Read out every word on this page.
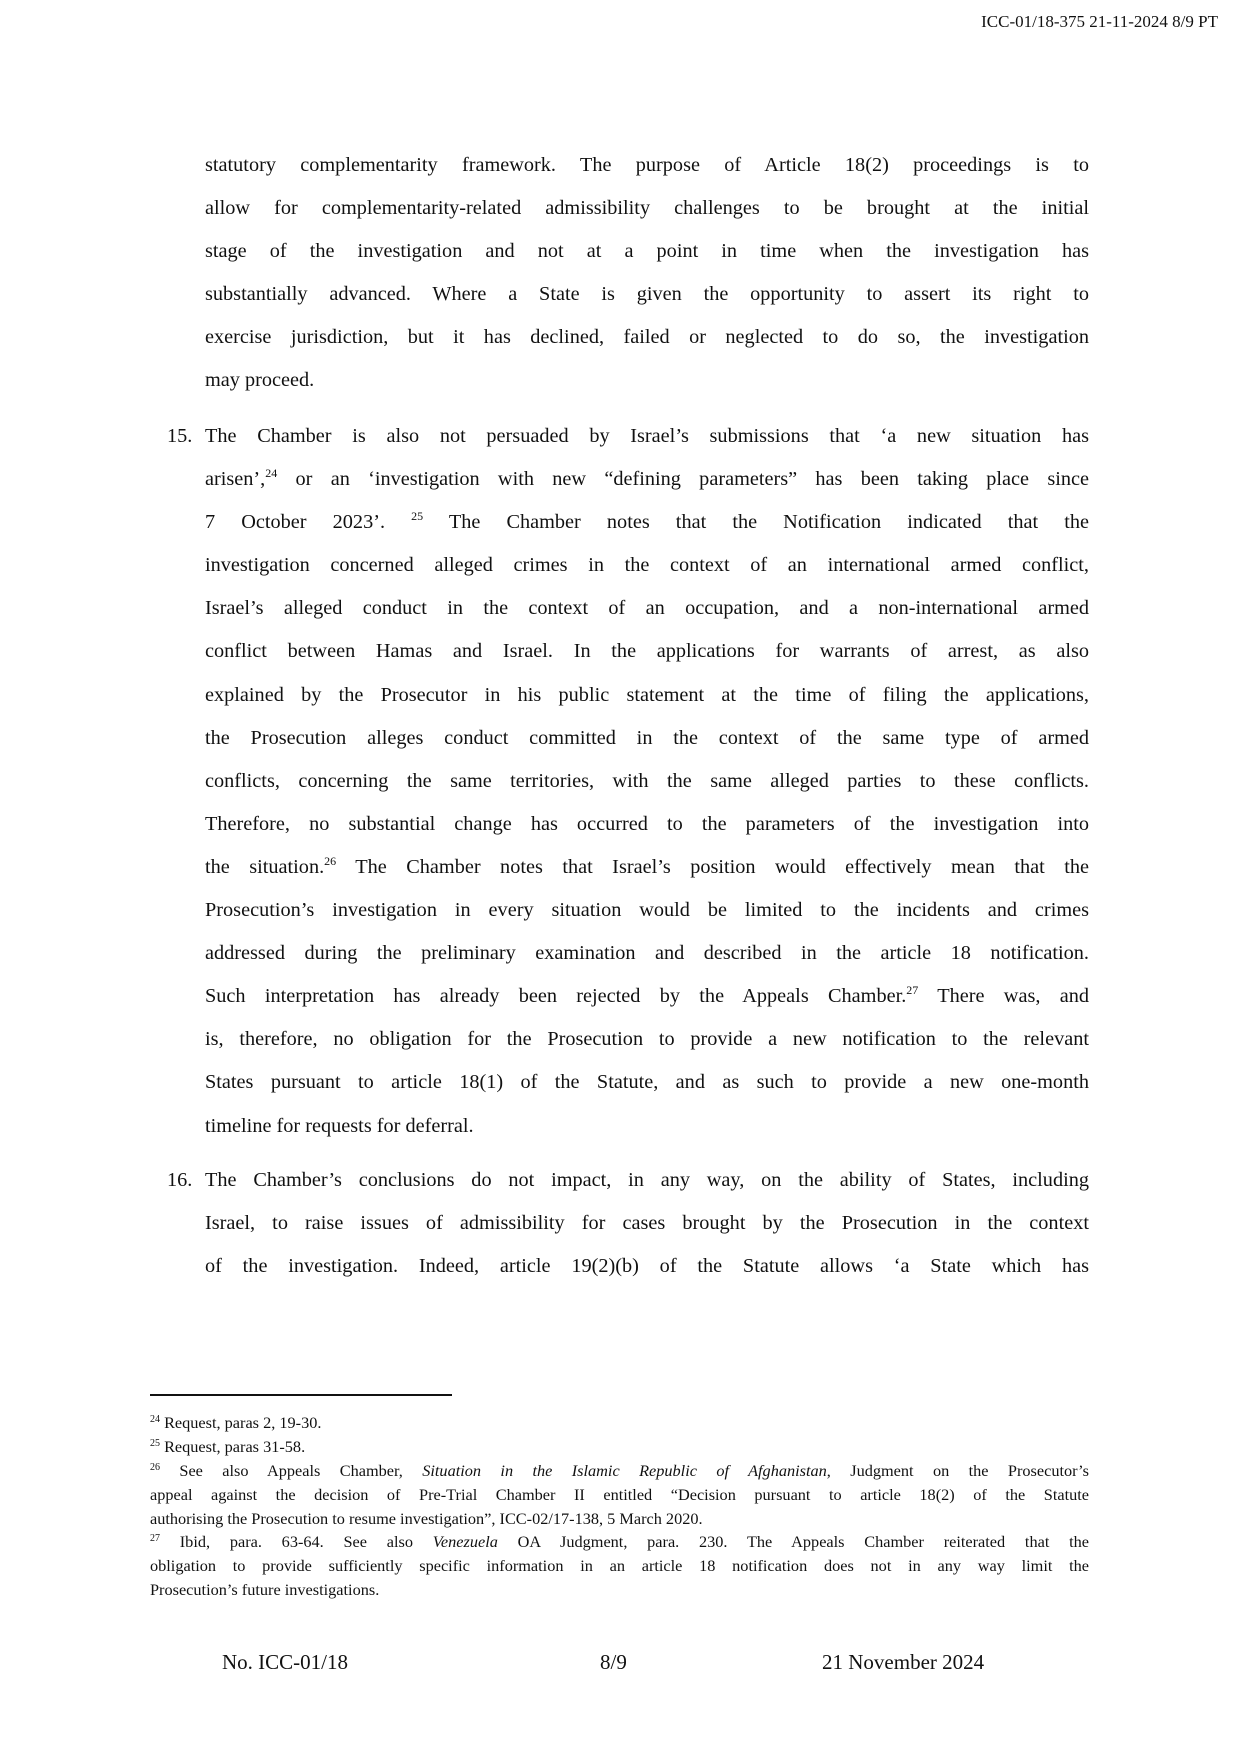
ICC-01/18-375 21-11-2024 8/9 PT
statutory complementarity framework. The purpose of Article 18(2) proceedings is to
allow for complementarity-related admissibility challenges to be brought at the initial
stage of the investigation and not at a point in time when the investigation has
substantially advanced. Where a State is given the opportunity to assert its right to
exercise jurisdiction, but it has declined, failed or neglected to do so, the investigation
may proceed.
15. The Chamber is also not persuaded by Israel’s submissions that ‘a new situation has
arisen’,$^{24}$ or an ‘investigation with new “defining parameters” has been taking place since
7 October 2023’. $^{25}$ The Chamber notes that the Notification indicated that the
investigation concerned alleged crimes in the context of an international armed conflict,
Israel’s alleged conduct in the context of an occupation, and a non-international armed
conflict between Hamas and Israel. In the applications for warrants of arrest, as also
explained by the Prosecutor in his public statement at the time of filing the applications,
the Prosecution alleges conduct committed in the context of the same type of armed
conflicts, concerning the same territories, with the same alleged parties to these conflicts.
Therefore, no substantial change has occurred to the parameters of the investigation into
the situation.$^{26}$ The Chamber notes that Israel’s position would effectively mean that the
Prosecution’s investigation in every situation would be limited to the incidents and crimes
addressed during the preliminary examination and described in the article 18 notification.
Such interpretation has already been rejected by the Appeals Chamber.$^{27}$ There was, and
is, therefore, no obligation for the Prosecution to provide a new notification to the relevant
States pursuant to article 18(1) of the Statute, and as such to provide a new one-month
timeline for requests for deferral.
16. The Chamber’s conclusions do not impact, in any way, on the ability of States, including
Israel, to raise issues of admissibility for cases brought by the Prosecution in the context
of the investigation. Indeed, article 19(2)(b) of the Statute allows ‘a State which has
$^{24}$ Request, paras 2, 19-30.
$^{25}$ Request, paras 31-58.
$^{26}$ See also Appeals Chamber, Situation in the Islamic Republic of Afghanistan, Judgment on the Prosecutor’s
appeal against the decision of Pre-Trial Chamber II entitled “Decision pursuant to article 18(2) of the Statute
authorising the Prosecution to resume investigation”, ICC-02/17-138, 5 March 2020.
$^{27}$ Ibid, para. 63-64. See also Venezuela OA Judgment, para. 230. The Appeals Chamber reiterated that the
obligation to provide sufficiently specific information in an article 18 notification does not in any way limit the
Prosecution’s future investigations.
No. ICC-01/18	8/9	21 November 2024
